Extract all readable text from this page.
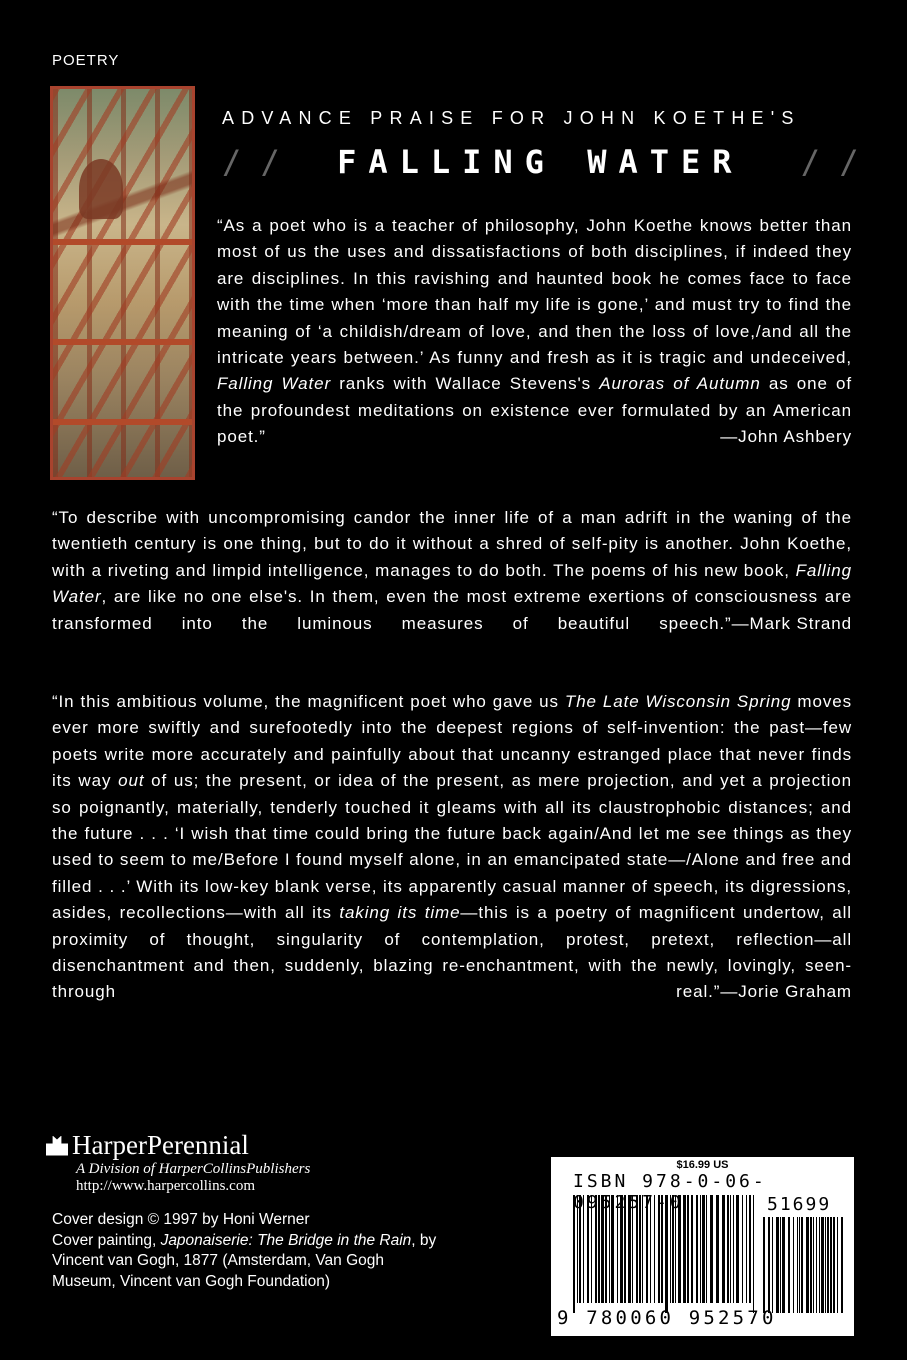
POETRY
ADVANCE PRAISE FOR JOHN KOETHE'S
/ / FALLING WATER / /

“As a poet who is a teacher of philosophy, John Koethe knows better than most of us the uses and dissatisfactions of both disciplines, if indeed they are disciplines. In this ravishing and haunted book he comes face to face with the time when ‘more than half my life is gone,’ and must try to find the meaning of ‘a childish/dream of love, and then the loss of love,/and all the intricate years between.’ As funny and fresh as it is tragic and undeceived, Falling Water ranks with Wallace Stevens's Auroras of Autumn as one of the profoundest meditations on existence ever formulated by an American poet.”	—John Ashbery

“To describe with uncompromising candor the inner life of a man adrift in the waning of the twentieth century is one thing, but to do it without a shred of self-pity is another. John Koethe, with a riveting and limpid intelligence, manages to do both. The poems of his new book, Falling Water, are like no one else's. In them, even the most extreme exertions of consciousness are transformed into the luminous measures of beautiful speech.” —Mark Strand

“In this ambitious volume, the magnificent poet who gave us The Late Wisconsin Spring moves ever more swiftly and surefootedly into the deepest regions of self-invention: the past—few poets write more accurately and painfully about that uncanny estranged place that never finds its way out of us; the present, or idea of the present, as mere projection, and yet a projection so poignantly, materially, tenderly touched it gleams with all its claustrophobic distances; and the future . . . ‘I wish that time could bring the future back again/And let me see things as they used to seem to me/Before I found myself alone, in an emancipated state—/Alone and free and filled . . .’ With its low-key blank verse, its apparently casual manner of speech, its digressions, asides, recollections—with all its taking its time—this is a poetry of magnificent undertow, all proximity of thought, singularity of contemplation, protest, pretext, reflection—all disenchantment and then, suddenly, blazing re-enchantment, with the newly, lovingly, seen-through real.” —Jorie Graham

HarperPerennial
A Division of HarperCollinsPublishers
http://www.harpercollins.com
Cover design © 1997 by Honi Werner
Cover painting, Japonaiserie: The Bridge in the Rain, by Vincent van Gogh, 1877 (Amsterdam, Van Gogh Museum, Vincent van Gogh Foundation)
$16.99 US
ISBN 978-0-06-095257-0	51699
9 780060 952570
